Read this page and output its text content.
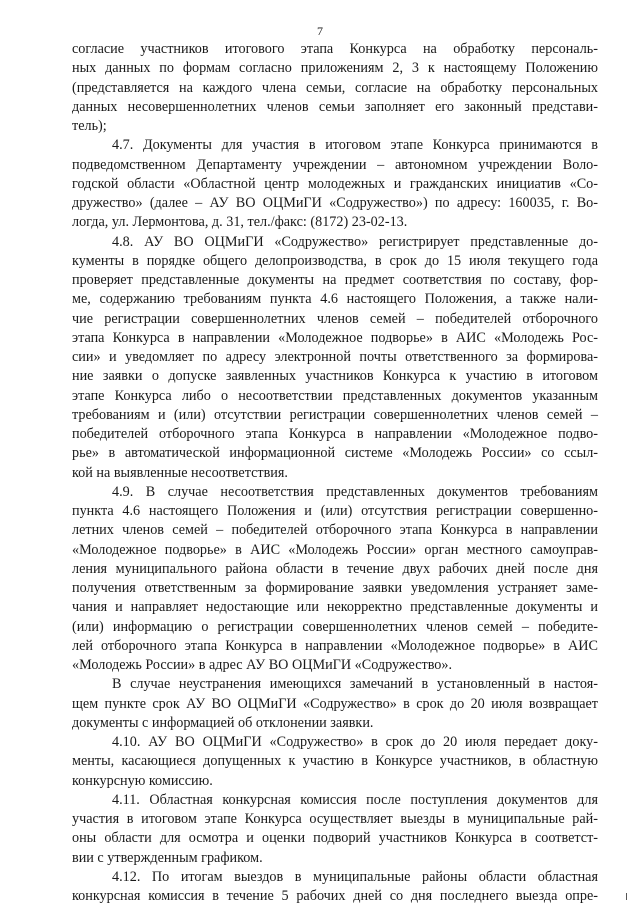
7
согласие участников итогового этапа Конкурса на обработку персональ-
ных данных по формам согласно приложениям 2, 3 к настоящему Положению
(представляется на каждого члена семьи, согласие на обработку персональных
данных несовершеннолетних членов семьи заполняет его законный представи-
тель);
4.7. Документы для участия в итоговом этапе Конкурса принимаются в
подведомственном Департаменту учреждении – автономном учреждении Воло-
годской области «Областной центр молодежных и гражданских инициатив «Со-
дружество» (далее – АУ ВО ОЦМиГИ «Содружество») по адресу: 160035, г. Во-
логда, ул. Лермонтова, д. 31, тел./факс: (8172) 23-02-13.
4.8. АУ ВО ОЦМиГИ «Содружество» регистрирует представленные до-
кументы в порядке общего делопроизводства, в срок до 15 июля текущего года
проверяет представленные документы на предмет соответствия по составу, фор-
ме, содержанию требованиям пункта 4.6 настоящего Положения, а также нали-
чие регистрации совершеннолетних членов семей – победителей отборочного
этапа Конкурса в направлении «Молодежное подворье» в АИС «Молодежь Рос-
сии» и уведомляет по адресу электронной почты ответственного за формирова-
ние заявки о допуске заявленных участников Конкурса к участию в итоговом
этапе Конкурса либо о несоответствии представленных документов указанным
требованиям и (или) отсутствии регистрации совершеннолетних членов семей –
победителей отборочного этапа Конкурса в направлении «Молодежное подво-
рье» в автоматической информационной системе «Молодежь России» со ссыл-
кой на выявленные несоответствия.
4.9. В случае несоответствия представленных документов требованиям
пункта 4.6 настоящего Положения и (или) отсутствия регистрации совершенно-
летних членов семей – победителей отборочного этапа Конкурса в направлении
«Молодежное подворье» в АИС «Молодежь России» орган местного самоуправ-
ления муниципального района области в течение двух рабочих дней после дня
получения ответственным за формирование заявки уведомления устраняет заме-
чания и направляет недостающие или некорректно представленные документы и
(или) информацию о регистрации совершеннолетних членов семей – победите-
лей отборочного этапа Конкурса в направлении «Молодежное подворье» в АИС
«Молодежь России» в адрес АУ ВО ОЦМиГИ «Содружество».
В случае неустранения имеющихся замечаний в установленный в настоя-
щем пункте срок АУ ВО ОЦМиГИ «Содружество» в срок до 20 июля возвращает
документы с информацией об отклонении заявки.
4.10. АУ ВО ОЦМиГИ «Содружество» в срок до 20 июля передает доку-
менты, касающиеся допущенных к участию в Конкурсе участников, в областную
конкурсную комиссию.
4.11. Областная конкурсная комиссия после поступления документов для
участия в итоговом этапе Конкурса осуществляет выезды в муниципальные рай-
оны области для осмотра и оценки подворий участников Конкурса в соответст-
вии с утвержденным графиком.
4.12. По итогам выездов в муниципальные районы области областная
конкурсная комиссия в течение 5 рабочих дней со дня последнего выезда опре-
